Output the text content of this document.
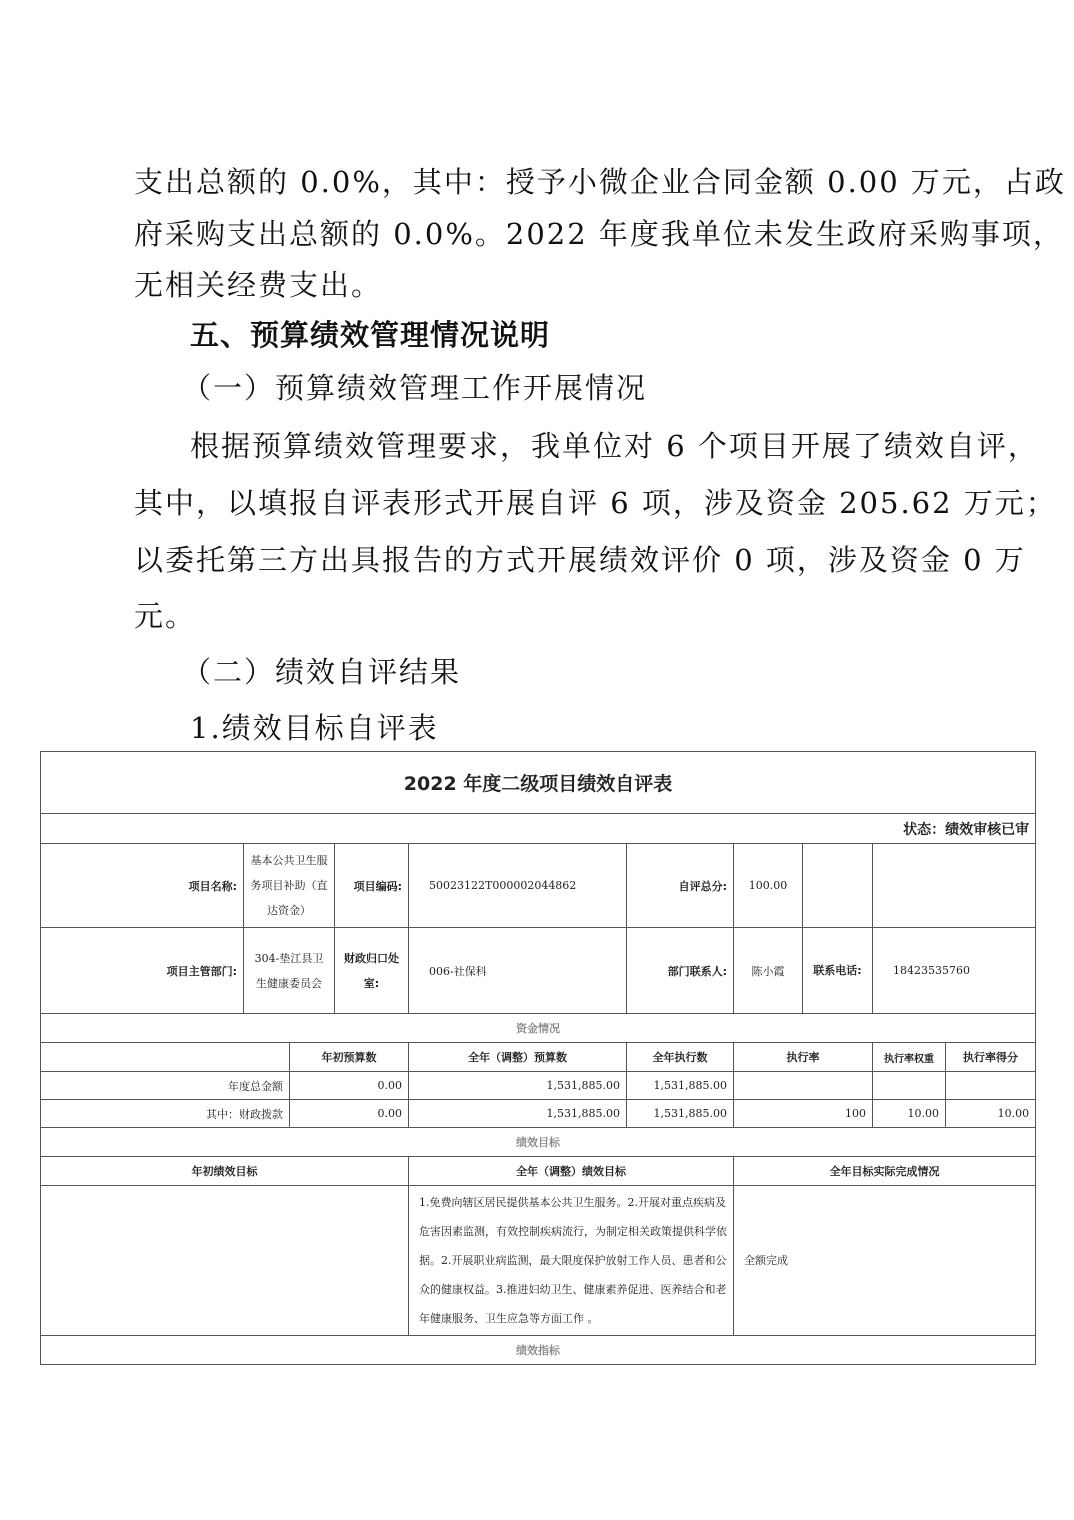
支出总额的 0.0%，其中：授予小微企业合同金额 0.00 万元，占政
府采购支出总额的 0.0%。2022 年度我单位未发生政府采购事项，
无相关经费支出。
五、预算绩效管理情况说明
（一）预算绩效管理工作开展情况
根据预算绩效管理要求，我单位对 6 个项目开展了绩效自评，
其中，以填报自评表形式开展自评 6 项，涉及资金 205.62 万元；
以委托第三方出具报告的方式开展绩效评价 0 项，涉及资金 0 万
元。
（二）绩效自评结果
1.绩效目标自评表
2022 年度二级项目绩效自评表									
状态：绩效审核已审									
项目名称:	基本公共卫生服务项目补助（直达资金）		项目编码:	50023122T000002044862	自评总分:	100.00			
项目主管部门:	304-垫江县卫生健康委员会		财政归口处室:	006-社保科	部门联系人:	陈小霞	联系电话:	18423535760	
资金情况									
		年初预算数		全年（调整）预算数	全年执行数	执行率		执行率权重	执行率得分
年度总金额		0.00		1,531,885.00	1,531,885.00				
其中：财政拨款		0.00		1,531,885.00	1,531,885.00	100		10.00	10.00
绩效目标									
年初绩效目标				全年（调整）绩效目标		全年目标实际完成情况			
				1.免费向辖区居民提供基本公共卫生服务。2.开展对重点疾病及危害因素监测，有效控制疾病流行，为制定相关政策提供科学依据。2.开展职业病监测，最大限度保护放射工作人员、患者和公众的健康权益。3.推进妇幼卫生、健康素养促进、医养结合和老年健康服务、卫生应急等方面工作 。		全额完成			
绩效指标									
